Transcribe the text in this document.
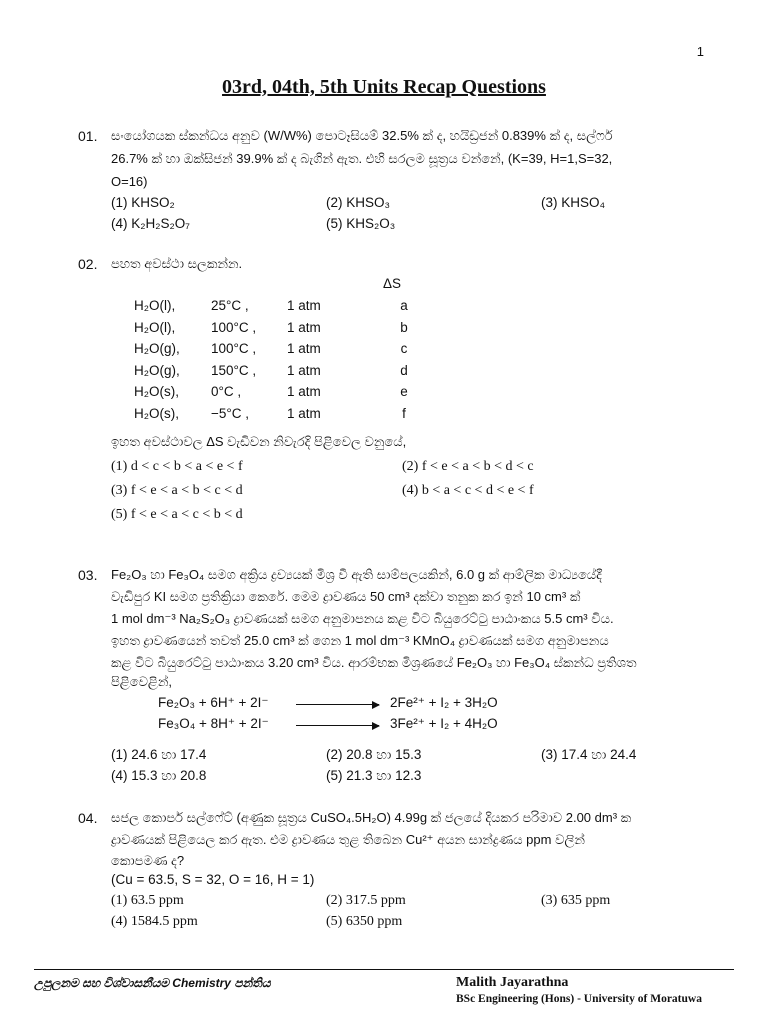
1
03rd, 04th, 5th Units Recap Questions
01. සංයෝගයක ස්කන්ධය අනුව (W/W%) පොටෑසියම් 32.5% ක් ද, හයිඩ්‍රජන් 0.839% ක් ද, සල්ෆර්
26.7% ක් හා ඔක්සිජන් 39.9% ක් ද බැගින් ඇත. එහි සරලම සූත්‍රය වන්නේ, (K=39, H=1,S=32,
O=16)
(1) KHSO₂	(2) KHSO₃	(3) KHSO₄
(4) K₂H₂S₂O₇	(5) KHS₂O₃
02. පහත අවස්ථා සලකන්න.
ΔS
H₂O(l),	25°C ,	1 atm	a
H₂O(l),	100°C ,	1 atm	b
H₂O(g),	100°C ,	1 atm	c
H₂O(g),	150°C ,	1 atm	d
H₂O(s),	0°C ,	1 atm	e
H₂O(s),	−5°C ,	1 atm	f
ඉහත අවස්ථාවල ΔS වැඩිවන නිවැරදි පිළිවෙල වනුයේ,
(1) d < c < b < a < e < f	(2) f < e < a < b < d < c
(3) f < e < a < b < c < d	(4) b < a < c < d < e < f
(5) f < e < a < c < b < d
03. Fe₂O₃ හා Fe₃O₄ සමග අක්‍රිය ද්‍රව්‍යයක් මිශ්‍ර වී ඇති සාම්පලයකින්, 6.0 g ක් ආම්ලික මාධ්‍යයේදී
වැඩිපුර KI සමග ප්‍රතික්‍රියා කෙරේ. මෙම ද්‍රාවණය 50 cm³ දක්වා තනුක කර ඉන් 10 cm³ ක්
1 mol dm⁻³ Na₂S₂O₃ ද්‍රාවණයක් සමග අනුමාපනය කළ විට බියුරෙට්ටු පාඨාංකය 5.5 cm³ විය.
ඉහත ද්‍රාවණයෙන් තවත් 25.0 cm³ ක් ගෙන 1 mol dm⁻³ KMnO₄ ද්‍රාවණයක් සමග අනුමාපනය
කළ විට බියුරෙට්ටු පාඨාංකය 3.20 cm³ විය. ආරම්භක මිශ්‍රණයේ Fe₂O₃ හා Fe₃O₄ ස්කන්ධ ප්‍රතිශත
පිළිවෙළින්,
Fe₂O₃ + 6H⁺ + 2I⁻	2Fe²⁺ + I₂ + 3H₂O
Fe₃O₄ + 8H⁺ + 2I⁻	3Fe²⁺ + I₂ + 4H₂O
(1) 24.6 හා 17.4	(2) 20.8 හා 15.3	(3) 17.4 හා 24.4
(4) 15.3 හා 20.8	(5) 21.3 හා 12.3
04. සජල කොපර් සල්ෆේට් (අණුක සූත්‍රය CuSO₄.5H₂O) 4.99g ක් ජලයේ දියකර පරිමාව 2.00 dm³ ක
ද්‍රාවණයක් පිළියෙල කර ඇත. එම ද්‍රාවණය තුළ තිබෙන Cu²⁺ අයන සාන්ද්‍රණය ppm වලින්
කොපමණ ද?
(Cu = 63.5, S = 32, O = 16, H = 1)
(1) 63.5 ppm	(2) 317.5 ppm	(3) 635 ppm
(4) 1584.5 ppm	(5) 6350 ppm
උපුලනම සහ විශ්වාසනීයම Chemistry පන්තිය	Malith Jayarathna
BSc Engineering (Hons) - University of Moratuwa
